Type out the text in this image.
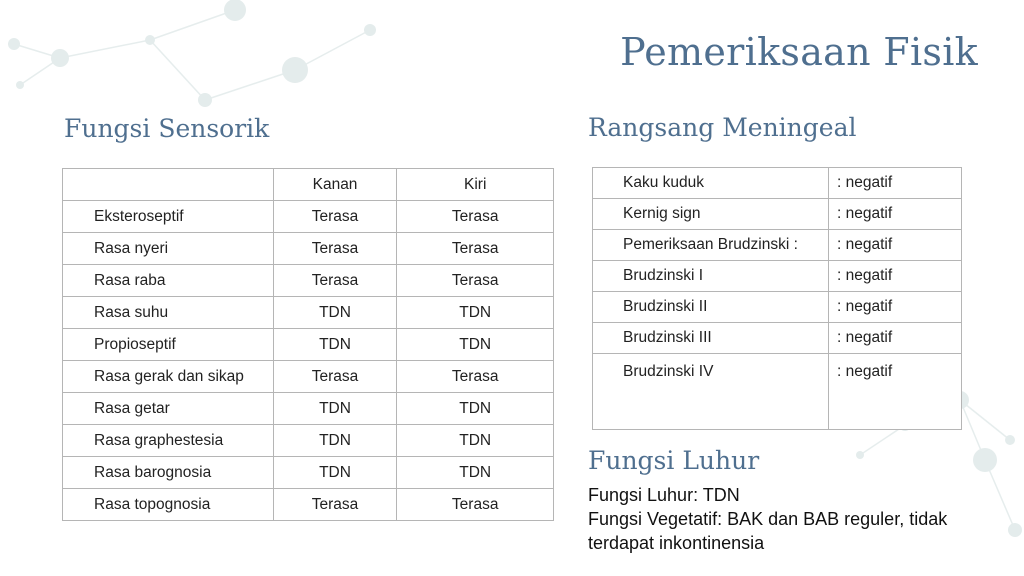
Pemeriksaan Fisik
Fungsi Sensorik	Rangsang Meningeal
Fungsi Luhur
	Kanan	Kiri
Eksteroseptif	Terasa	Terasa
Rasa nyeri	Terasa	Terasa
Rasa raba	Terasa	Terasa
Rasa suhu	TDN	TDN
Propioseptif	TDN	TDN
Rasa gerak dan sikap	Terasa	Terasa
Rasa getar	TDN	TDN
Rasa graphestesia	TDN	TDN
Rasa barognosia	TDN	TDN
Rasa topognosia	Terasa	Terasa
Kaku kuduk	: negatif
Kernig sign	: negatif
Pemeriksaan Brudzinski :	: negatif
Brudzinski I	: negatif
Brudzinski II	: negatif
Brudzinski III	: negatif
Brudzinski IV	: negatif
Fungsi Luhur: TDN
Fungsi Vegetatif: BAK dan BAB reguler, tidak terdapat inkontinensia
